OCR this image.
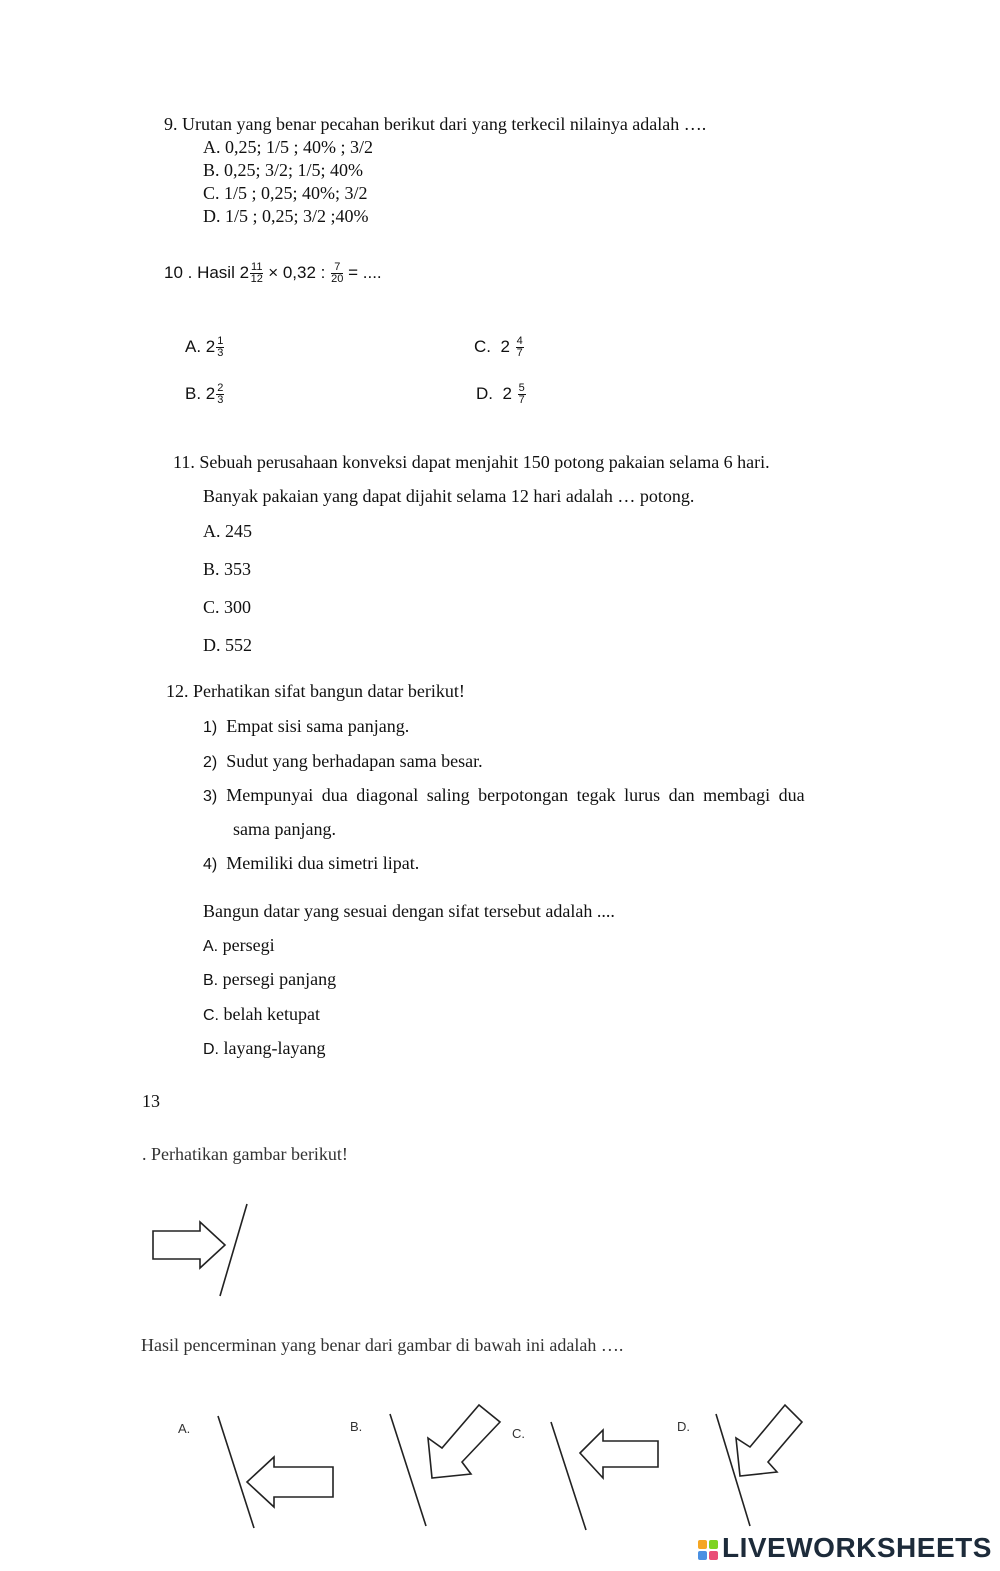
9. Urutan yang benar pecahan berikut dari yang terkecil nilainya adalah ….
A. 0,25; 1/5 ; 40% ; 3/2
B. 0,25; 3/2; 1/5; 40%
C. 1/5 ; 0,25; 40%; 3/2
D. 1/5 ; 0,25; 3/2 ;40%
10 . Hasil $2 \frac{11}{12} \times 0,32$ : $\frac{7}{20}$ = ....
A. $2 \frac{1}{3}$	C. $2 \frac{4}{7}$
B. $2 \frac{2}{3}$	D. $2 \frac{5}{7}$
11. Sebuah perusahaan konveksi dapat menjahit 150 potong pakaian selama 6 hari.
Banyak pakaian yang dapat dijahit selama 12 hari adalah … potong.
A. 245
B. 353
C. 300
D. 552
12. Perhatikan sifat bangun datar berikut!
1) Empat sisi sama panjang.
2) Sudut yang berhadapan sama besar.
3) Mempunyai dua diagonal saling berpotongan tegak lurus dan membagi dua
sama panjang.
4) Memiliki dua simetri lipat.
Bangun datar yang sesuai dengan sifat tersebut adalah ....
A. persegi
B. persegi panjang
C. belah ketupat
D. layang-layang
13
. Perhatikan gambar berikut!
Hasil pencerminan yang benar dari gambar di bawah ini adalah ….
A.	B.	C.	D.
LIVEWORKSHEETS
